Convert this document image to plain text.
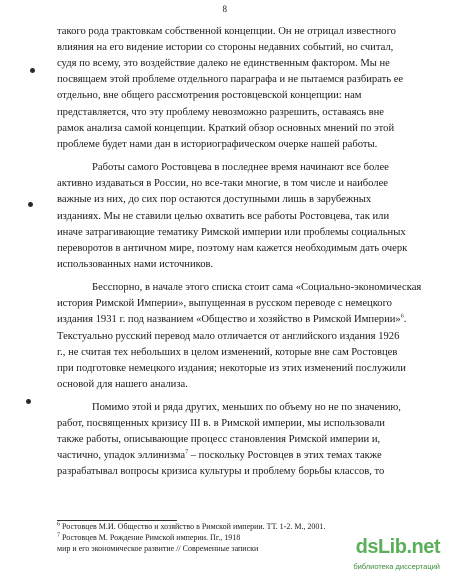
8
такого рода трактовкам собственной концепции. Он не отрицал известного
влияния на его видение истории со стороны недавних событий, но считал,
судя по всему, это воздействие далеко не единственным фактором. Мы не
посвящаем этой проблеме отдельного параграфа и не пытаемся разбирать ее
отдельно, вне общего рассмотрения ростовцевской концепции: нам
представляется, что эту проблему невозможно разрешить, оставаясь вне
рамок анализа самой концепции. Краткий обзор основных мнений по этой
проблеме будет нами дан в историографическом очерке нашей работы.
Работы самого Ростовцева в последнее время начинают все более
активно издаваться в России, но все-таки многие, в том числе и наиболее
важные из них, до сих пор остаются доступными лишь в зарубежных
изданиях. Мы не ставили целью охватить все работы Ростовцева, так или
иначе затрагивающие тематику Римской империи или проблемы социальных
переворотов в античном мире, поэтому нам кажется необходимым дать очерк
использованных нами источников.
Бесспорно, в начале этого списка стоит сама «Социально-экономическая
история Римской Империи», выпущенная в русском переводе с немецкого
издания 1931 г. под названием «Общество и хозяйство в Римской Империи»$^6$.
Текстуально русский перевод мало отличается от английского издания 1926
г., не считая тех небольших в целом изменений, которые вне сам Ростовцев
при подготовке немецкого издания; некоторые из этих изменений послужили
основой для нашего анализа.
Помимо этой и ряда других, меньших по объему но не по значению,
работ, посвященных кризису III в. в Римской империи, мы использовали
также работы, описывающие процесс становления Римской империи и,
частично, упадок эллинизма$^7$ – поскольку Ростовцев в этих темах также
разрабатывал вопросы кризиса культуры и проблему борьбы классов, то
$^6$ Ростовцев М.И. Общество и хозяйство в Римской империи. ТТ. 1-2. М., 2001.
$^7$ Ростовцев М. Рождение Римской империи. Пг., 1918
мир и его экономическое развитие // Современные записки	dsLib.net
библиотека диссертаций
